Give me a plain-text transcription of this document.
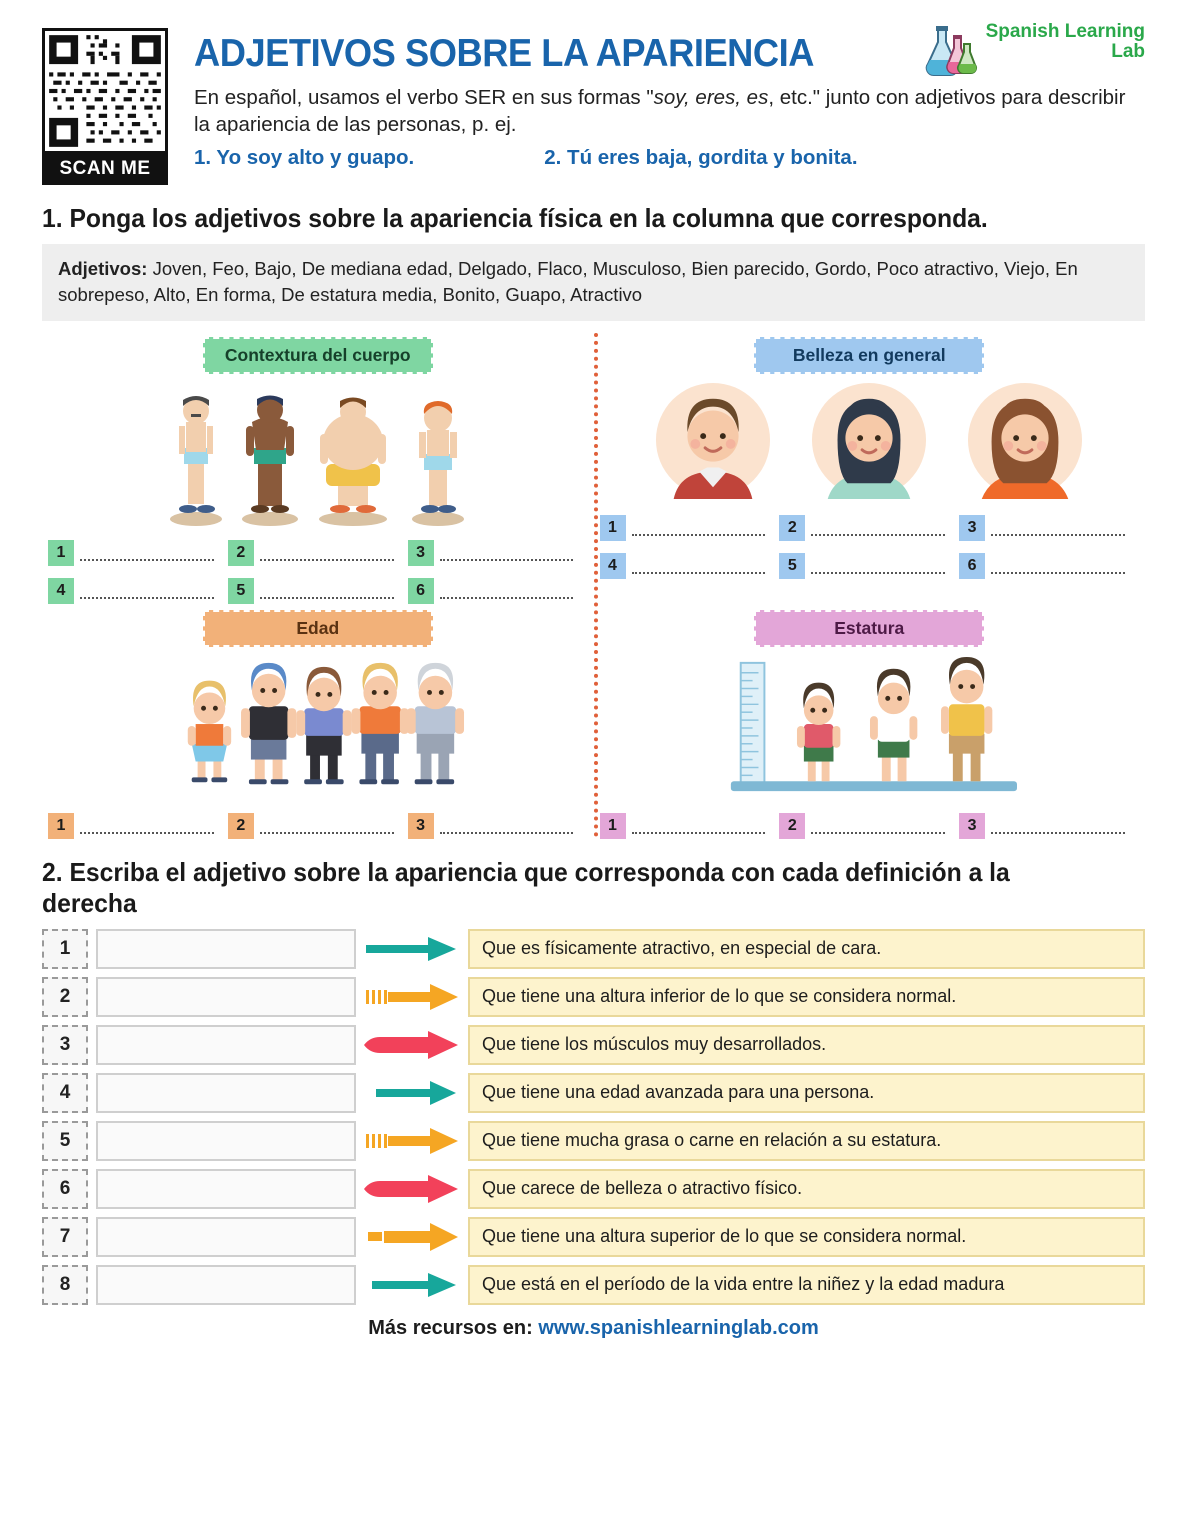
SCAN ME
ADJETIVOS SOBRE LA APARIENCIA
Spanish Learning
Lab
En español, usamos el verbo SER en sus formas "soy, eres, es, etc." junto con adjetivos para describir la apariencia de las personas, p. ej.
1. Yo soy alto y guapo.	2. Tú eres baja, gordita y bonita.
1. Ponga los adjetivos sobre la apariencia física en la columna que corresponda.
Adjetivos: Joven, Feo, Bajo, De mediana edad, Delgado, Flaco, Musculoso, Bien parecido, Gordo, Poco atractivo, Viejo, En sobrepeso, Alto, En forma, De estatura media, Bonito, Guapo, Atractivo
Contextura del cuerpo
1	2	3
4	5	6
Belleza en general
1	2	3
4	5	6
Edad
1	2	3
Estatura
1	2	3
2. Escriba el adjetivo sobre la apariencia que corresponda con cada definición a la derecha
1	Que es físicamente atractivo, en especial de cara.
2	Que tiene una altura inferior de lo que se considera normal.
3	Que tiene los músculos muy desarrollados.
4	Que tiene una edad avanzada para una persona.
5	Que tiene mucha grasa o carne en relación a su estatura.
6	Que carece de belleza o atractivo físico.
7	Que tiene una altura superior de lo que se considera normal.
8	Que está en el período de la vida entre la niñez y la edad madura
Más recursos en: www.spanishlearninglab.com
